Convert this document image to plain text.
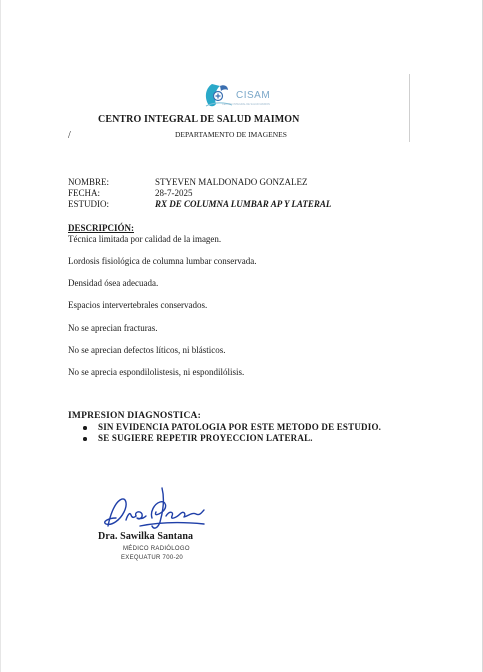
CISAM
CENTRO INTEGRAL DE SALUD MAIMON
CENTRO INTEGRAL DE SALUD MAIMON
/	DEPARTAMENTO DE IMAGENES
NOMBRE:	STYEVEN MALDONADO GONZALEZ
FECHA:	28-7-2025
ESTUDIO:	RX DE COLUMNA LUMBAR AP Y LATERAL
DESCRIPCIÓN:
Técnica limitada por calidad de la imagen.
Lordosis fisiológica de columna lumbar conservada.
Densidad ósea adecuada.
Espacios intervertebrales conservados.
No se aprecian fracturas.
No se aprecian defectos líticos, ni blásticos.
No se aprecia espondilolistesis, ni espondilólisis.
IMPRESION DIAGNOSTICA:
SIN EVIDENCIA PATOLOGIA POR ESTE METODO DE ESTUDIO.
SE SUGIERE REPETIR PROYECCION LATERAL.
Dra. Sawilka Santana
MÉDICO RADIÓLOGO
EXEQUATUR 700-20
